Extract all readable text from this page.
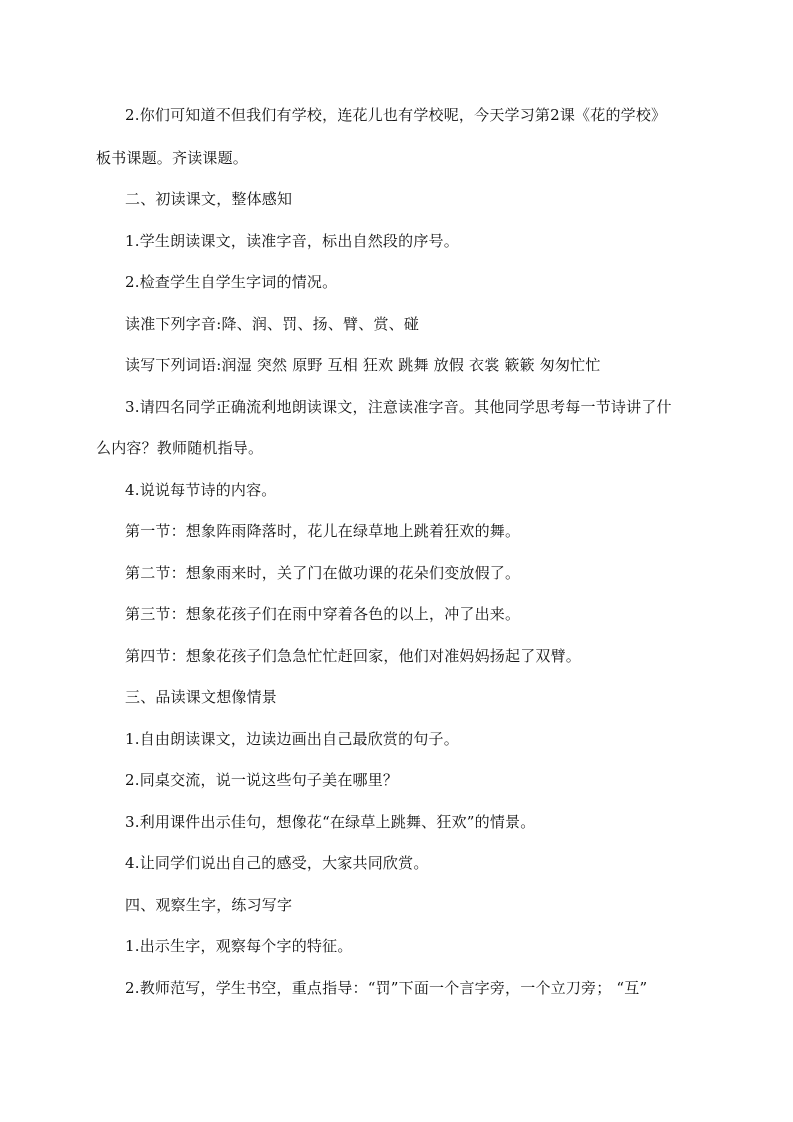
2.你们可知道不但我们有学校，连花儿也有学校呢，今天学习第2课《花的学校》
板书课题。齐读课题。
二、初读课文，整体感知
1.学生朗读课文，读准字音，标出自然段的序号。
2.检查学生自学生字词的情况。
读准下列字音:降、润、罚、扬、臂、赏、碰
读写下列词语:润湿 突然 原野 互相 狂欢 跳舞 放假 衣裳 簌簌 匆匆忙忙
3.请四名同学正确流利地朗读课文，注意读准字音。其他同学思考每一节诗讲了什
么内容？教师随机指导。
4.说说每节诗的内容。
第一节：想象阵雨降落时，花儿在绿草地上跳着狂欢的舞。
第二节：想象雨来时，关了门在做功课的花朵们变放假了。
第三节：想象花孩子们在雨中穿着各色的以上，冲了出来。
第四节：想象花孩子们急急忙忙赶回家，他们对准妈妈扬起了双臂。
三、品读课文想像情景
1.自由朗读课文，边读边画出自己最欣赏的句子。
2.同桌交流，说一说这些句子美在哪里？
3.利用课件出示佳句，想像花“在绿草上跳舞、狂欢”的情景。
4.让同学们说出自己的感受，大家共同欣赏。
四、观察生字，练习写字
1.出示生字，观察每个字的特征。
2.教师范写，学生书空，重点指导：“罚”下面一个言字旁，一个立刀旁； “互”
